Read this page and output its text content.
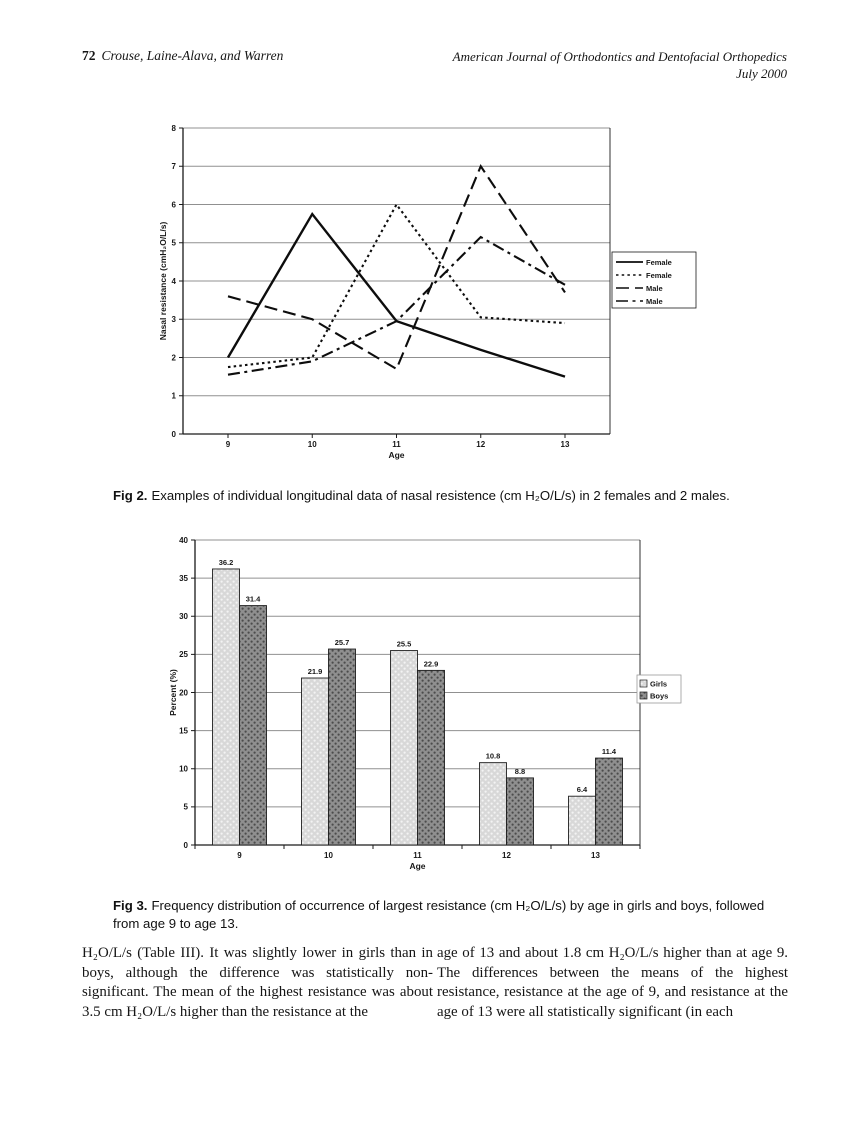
72 Crouse, Laine-Alava, and Warren	American Journal of Orthodontics and Dentofacial Orthopedics
July 2000
0
1
2
3
4
5
6
7
8
Age
Nasal resistance (cmH₂O/L/s)
9	10	11	12	13
Female
Female
Male
Male

Fig 2. Examples of individual longitudinal data of nasal resistence (cm H₂O/L/s) in 2 females and 2 males.

0
5
10
15
20
25
30
35
40
Age
Percent (%)
9	10	11	12	13
36.2
21.9
25.5
10.8
6.4
31.4
25.7
22.9
8.8
11.4
Girls
Boys

Fig 3. Frequency distribution of occurrence of largest resistance (cm H₂O/L/s) by age in girls and boys, followed from age 9 to age 13.

H₂O/L/s (Table III). It was slightly lower in girls than in boys, although the difference was statistically non-significant. The mean of the highest resistance was about 3.5 cm H₂O/L/s higher than the resistance at the
age of 13 and about 1.8 cm H₂O/L/s higher than at age 9. The differences between the means of the highest resistance, resistance at the age of 9, and resistance at the age of 13 were all statistically significant (in each
